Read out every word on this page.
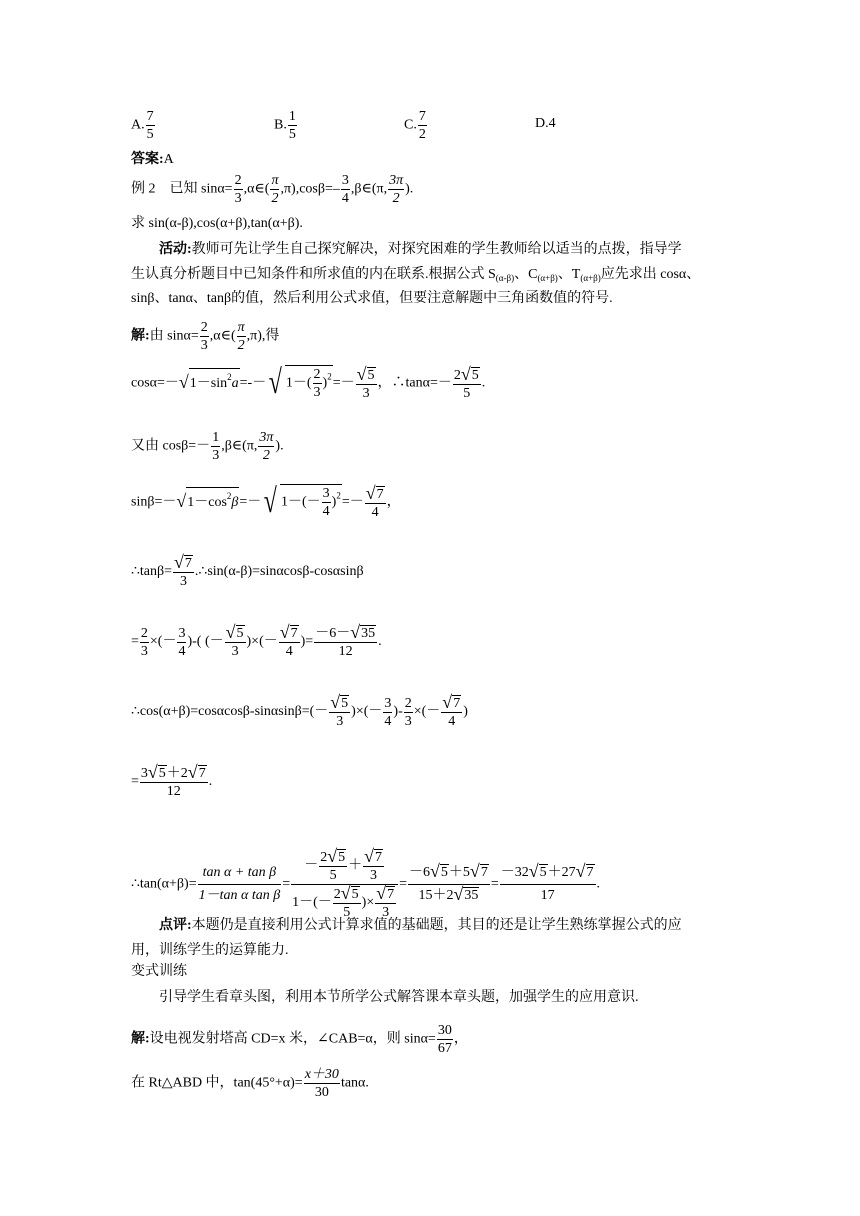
A. $\frac{7}{5}$	B. $\frac{1}{5}$	C. $\frac{7}{2}$	D.4
答案:A
例 2　已知 $\sin\alpha= \frac{2}{3}$ ,α∈( $\frac{\pi}{2} ,\pi),\cos\beta=- \frac{3}{4}$ ,β∈(π, $\frac{3\pi}{2}$ ).
求 sin(α-β),cos(α+β),tan(α+β).
活动:教师可先让学生自己探究解决，对探究困难的学生教师给以适当的点拨，指导学
生认真分析题目中已知条件和所求值的内在联系.根据公式 $S_{(\alpha-\beta)}$、$C_{(\alpha+\beta)}$、$T_{(\alpha+\beta)}$应先求出 cosα、
sinβ、tanα、tanβ的值，然后利用公式求值，但要注意解题中三角函数值的符号.
解:由 $\sin\alpha= \frac{2}{3}$ ,α∈( $\frac{\pi}{2} ,\pi$),得
$\cos\alpha=-√1-\sin^2a=--√$ $1-( \frac{2}{3} )^2=- \frac{√5}{3}$ ，∴tanα=－ $\frac{2√5}{5}$ .
又由 $\cos\beta=- \frac{1}{3}$ ,β∈(π, $\frac{3\pi}{2}$ ).
$\sin\beta=-√1-\cos^2\beta=-√$ $1-(- \frac{3}{4} )^2=- \frac{√7}{4}$ ，
∴tanβ= $\frac{√7}{3}$ .∴sin(α-β)=sinαcosβ-cosαsinβ
= $\frac{2}{3}$ ×(－ $\frac{3}{4}$ )-( (－ $\frac{√5}{3}$ )×(－ $\frac{√7}{4}$ )= $\frac{-6-√35}{12}$ .
∴cos(α+β)=cosαcosβ-sinαsinβ=(－ $\frac{√5}{3}$ )×(－ $\frac{3}{4}$ )- $\frac{2}{3}$ ×(－ $\frac{√7}{4}$ )
= $\frac{3√5+2√7}{12}$ .
∴tan(α+β)= $\frac{\text{tan α + tan β}}{\text{1－tan α tan β}} = \frac{- \frac{2√5}{5} + \frac{√7}{3}}{1-(- \frac{2√5}{5} )\times \frac{√7}{3}} = \frac{-6√5+5√7}{15+2√35} = \frac{-32√5+27√7}{17}$ .
点评:本题仍是直接利用公式计算求值的基础题，其目的还是让学生熟练掌握公式的应
用，训练学生的运算能力.
变式训练
引导学生看章头图，利用本节所学公式解答课本章头题，加强学生的应用意识.
解:设电视发射塔高 CD=x 米，∠CAB=α，则 $\sin\alpha= \frac{30}{67}$ ，
在 Rt△ABD 中，$\tan(45^\circ+\alpha)= \frac{x+30}{30} \tan\alpha$.
